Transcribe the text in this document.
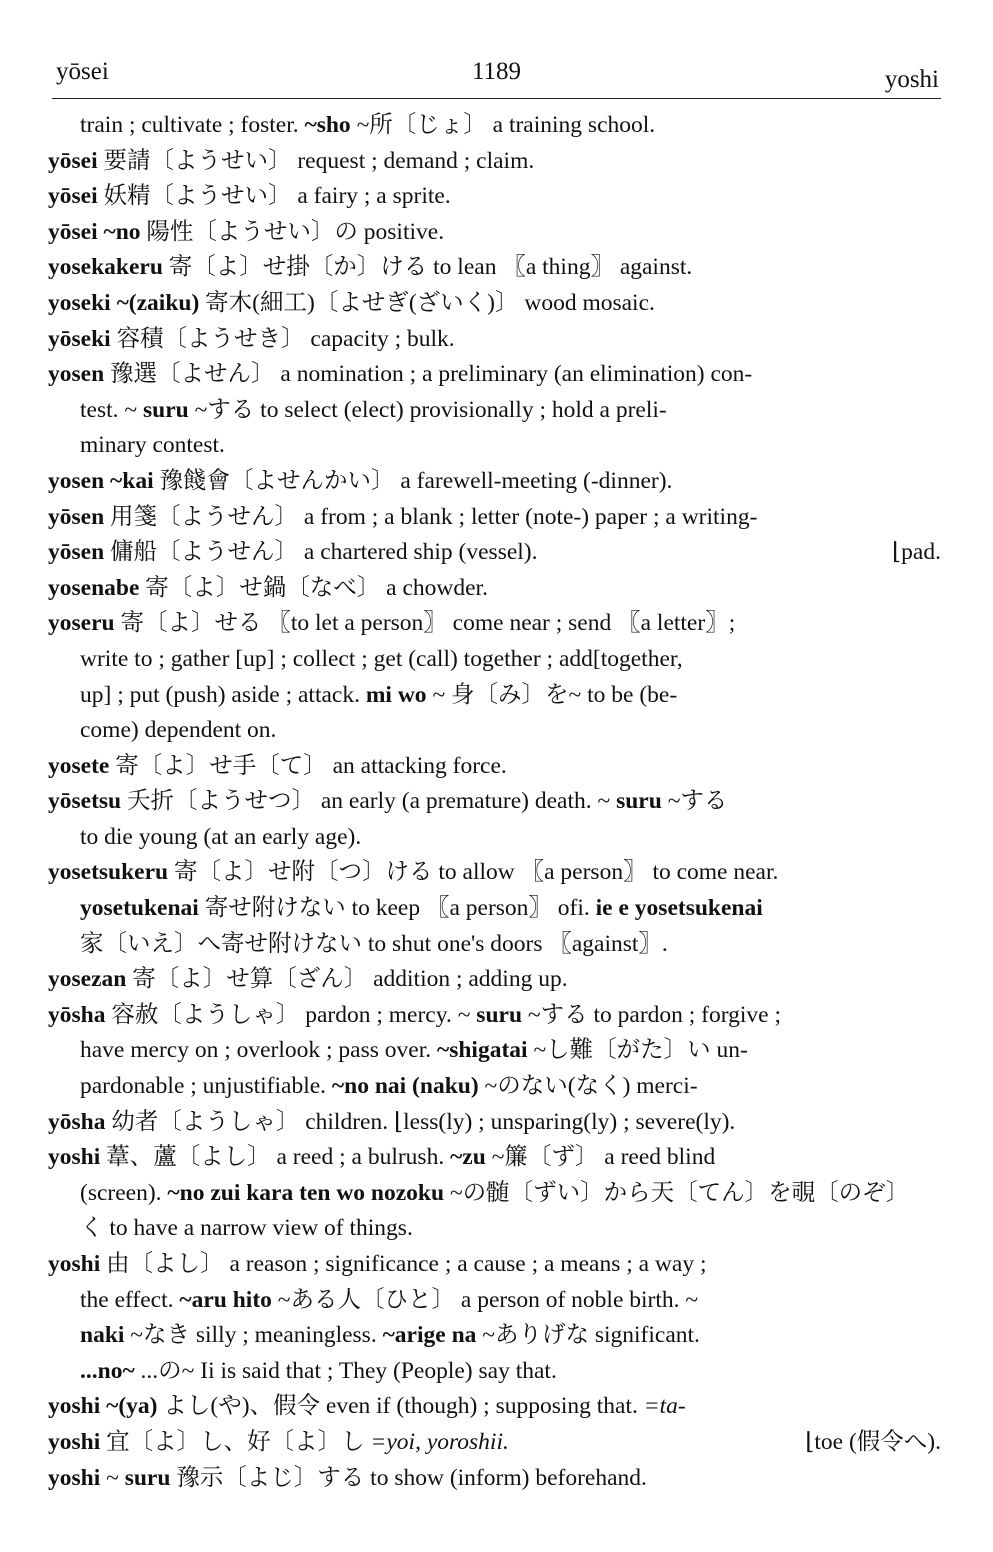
yōsei	1189	yoshi
train ; cultivate ; foster. ~sho ~所〔じょ〕 a training school.
yōsei 要請〔ようせい〕 request ; demand ; claim.
yōsei 妖精〔ようせい〕 a fairy ; a sprite.
yōsei ~no 陽性〔ようせい〕の positive.
yosekakeru 寄〔よ〕せ掛〔か〕ける to lean 〖a thing〗 against.
yoseki ~(zaiku) 寄木(細工)〔よせぎ(ざいく)〕 wood mosaic.
yōseki 容積〔ようせき〕 capacity ; bulk.
yosen 豫選〔よせん〕 a nomination ; a preliminary (an elimination) con-
test. ~ suru ~する to select (elect) provisionally ; hold a preli-
minary contest.
yosen ~kai 豫餞會〔よせんかい〕 a farewell-meeting (-dinner).
yōsen 用箋〔ようせん〕 a from ; a blank ; letter (note-) paper ; a writing-
yōsen 傭船〔ようせん〕 a chartered ship (vessel).	⌊pad.
yosenabe 寄〔よ〕せ鍋〔なべ〕 a chowder.
yoseru 寄〔よ〕せる 〖to let a person〗 come near ; send 〖a letter〗;
write to ; gather [up] ; collect ; get (call) together ; add[together,
up] ; put (push) aside ; attack. mi wo ~ 身〔み〕を~ to be (be-
come) dependent on.
yosete 寄〔よ〕せ手〔て〕 an attacking force.
yōsetsu 夭折〔ようせつ〕 an early (a premature) death. ~ suru ~する
to die young (at an early age).
yosetsukeru 寄〔よ〕せ附〔つ〕ける to allow 〖a person〗 to come near.
yosetukenai 寄せ附けない to keep 〖a person〗 ofi. ie e yosetsukenai
家〔いえ〕へ寄せ附けない to shut one's doors 〖against〗.
yosezan 寄〔よ〕せ算〔ざん〕 addition ; adding up.
yōsha 容赦〔ようしゃ〕 pardon ; mercy. ~ suru ~する to pardon ; forgive ;
have mercy on ; overlook ; pass over. ~shigatai ~し難〔がた〕い un-
pardonable ; unjustifiable. ~no nai (naku) ~のない(なく) merci-
yōsha 幼者〔ようしゃ〕 children. ⌊less(ly) ; unsparing(ly) ; severe(ly).
yoshi 葦、蘆〔よし〕 a reed ; a bulrush. ~zu ~簾〔ず〕 a reed blind
(screen). ~no zui kara ten wo nozoku ~の髄〔ずい〕から天〔てん〕を覗〔のぞ〕
く to have a narrow view of things.
yoshi 由〔よし〕 a reason ; significance ; a cause ; a means ; a way ;
the effect. ~aru hito ~ある人〔ひと〕 a person of noble birth. ~
naki ~なき silly ; meaningless. ~arige na ~ありげな significant.
...no~ ...の~ Ii is said that ; They (People) say that.
yoshi ~(ya) よし(や)、假令 even if (though) ; supposing that. =ta-
yoshi 宜〔よ〕し、好〔よ〕し =yoi, yoroshii.	⌊toe (假令へ).
yoshi ~ suru 豫示〔よじ〕する to show (inform) beforehand.
